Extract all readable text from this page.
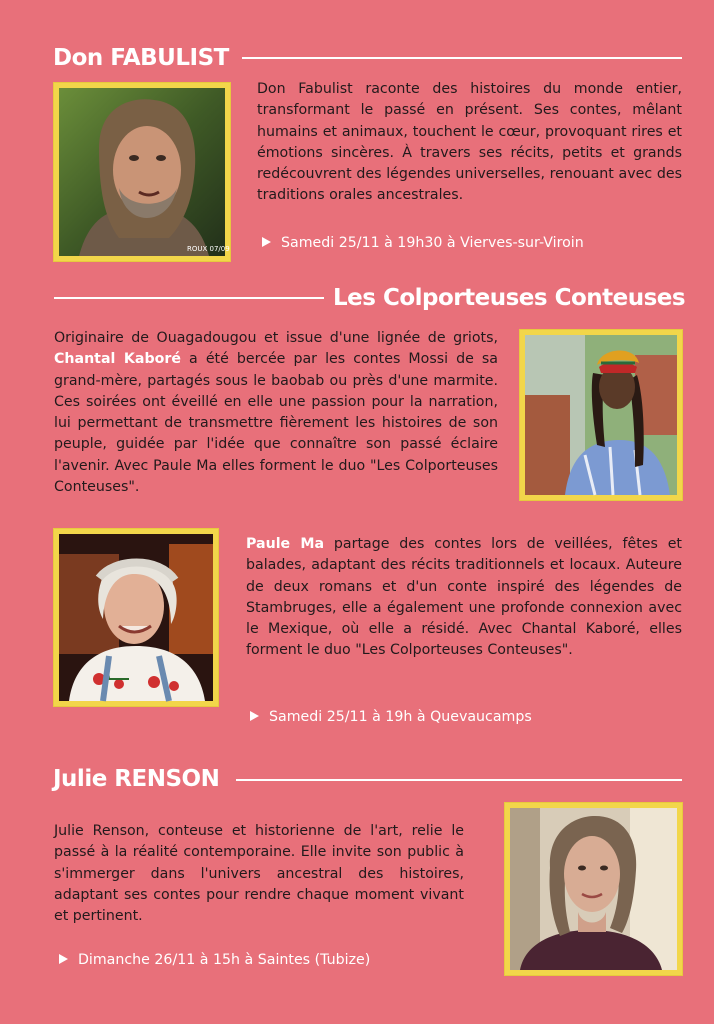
Don FABULIST
ROUX 07/09
Don Fabulist raconte des histoires du monde entier, transformant le passé en présent. Ses contes, mêlant humains et animaux, touchent le cœur, provoquant rires et émotions sincères. À travers ses récits, petits et grands redécouvrent des légendes universelles, renouant avec des traditions orales ancestrales.
Samedi 25/11 à 19h30 à Vierves-sur-Viroin
Les Colporteuses Conteuses
Originaire de Ouagadougou et issue d'une lignée de griots, Chantal Kaboré a été bercée par les contes Mossi de sa grand-mère, partagés sous le baobab ou près d'une marmite. Ces soirées ont éveillé en elle une passion pour la narration, lui permettant de transmettre fièrement les histoires de son peuple, guidée par l'idée que connaître son passé éclaire l'avenir. Avec Paule Ma elles forment le duo "Les Colporteuses Conteuses".
Paule Ma partage des contes lors de veillées, fêtes et balades, adaptant des récits traditionnels et locaux. Auteure de deux romans et d'un conte inspiré des légendes de Stambruges, elle a également une profonde connexion avec le Mexique, où elle a résidé. Avec Chantal Kaboré, elles forment le duo "Les Colporteuses Conteuses".
Samedi 25/11 à 19h à Quevaucamps
Julie RENSON
Julie Renson, conteuse et historienne de l'art, relie le passé à la réalité contemporaine. Elle invite son public à s'immerger dans l'univers ancestral des histoires, adaptant ses contes pour rendre chaque moment vivant et pertinent.
Dimanche 26/11 à 15h à Saintes (Tubize)
